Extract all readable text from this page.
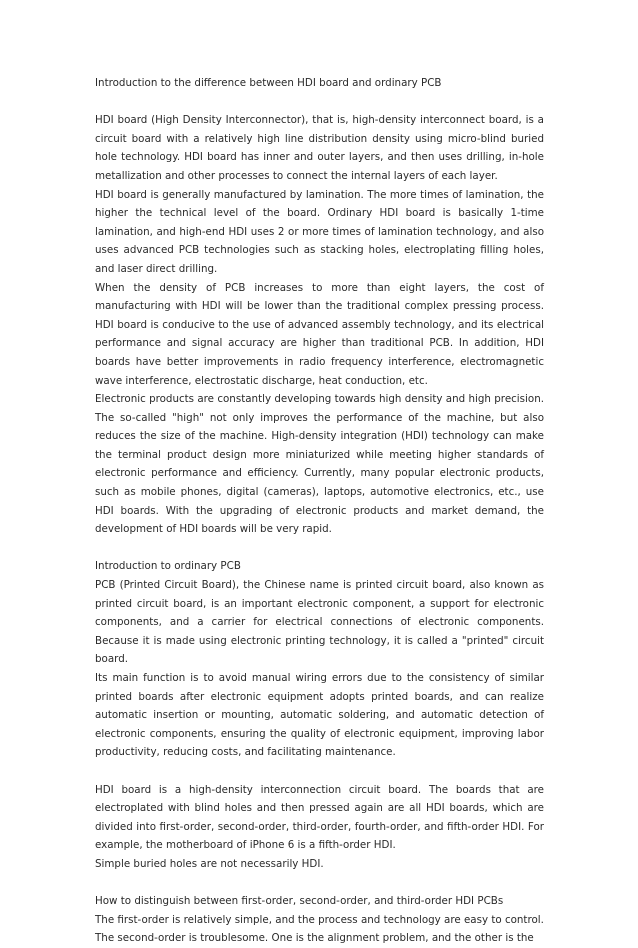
Introduction to the difference between HDI board and ordinary PCB

HDI board (High Density Interconnector), that is, high-density interconnect board, is a circuit board with a relatively high line distribution density using micro-blind buried hole technology. HDI board has inner and outer layers, and then uses drilling, in-hole metallization and other processes to connect the internal layers of each layer.

HDI board is generally manufactured by lamination. The more times of lamination, the higher the technical level of the board. Ordinary HDI board is basically 1-time lamination, and high-end HDI uses 2 or more times of lamination technology, and also uses advanced PCB technologies such as stacking holes, electroplating filling holes, and laser direct drilling.

When the density of PCB increases to more than eight layers, the cost of manufacturing with HDI will be lower than the traditional complex pressing process. HDI board is conducive to the use of advanced assembly technology, and its electrical performance and signal accuracy are higher than traditional PCB. In addition, HDI boards have better improvements in radio frequency interference, electromagnetic wave interference, electrostatic discharge, heat conduction, etc.

Electronic products are constantly developing towards high density and high precision. The so-called "high" not only improves the performance of the machine, but also reduces the size of the machine. High-density integration (HDI) technology can make the terminal product design more miniaturized while meeting higher standards of electronic performance and efficiency. Currently, many popular electronic products, such as mobile phones, digital (cameras), laptops, automotive electronics, etc., use HDI boards. With the upgrading of electronic products and market demand, the development of HDI boards will be very rapid.

Introduction to ordinary PCB

PCB (Printed Circuit Board), the Chinese name is printed circuit board, also known as printed circuit board, is an important electronic component, a support for electronic components, and a carrier for electrical connections of electronic components. Because it is made using electronic printing technology, it is called a "printed" circuit board.

Its main function is to avoid manual wiring errors due to the consistency of similar printed boards after electronic equipment adopts printed boards, and can realize automatic insertion or mounting, automatic soldering, and automatic detection of electronic components, ensuring the quality of electronic equipment, improving labor productivity, reducing costs, and facilitating maintenance.

HDI board is a high-density interconnection circuit board. The boards that are electroplated with blind holes and then pressed again are all HDI boards, which are divided into first-order, second-order, third-order, fourth-order, and fifth-order HDI. For example, the motherboard of iPhone 6 is a fifth-order HDI.

Simple buried holes are not necessarily HDI.

How to distinguish between first-order, second-order, and third-order HDI PCBs

The first-order is relatively simple, and the process and technology are easy to control.

The second-order is troublesome. One is the alignment problem, and the other is the
